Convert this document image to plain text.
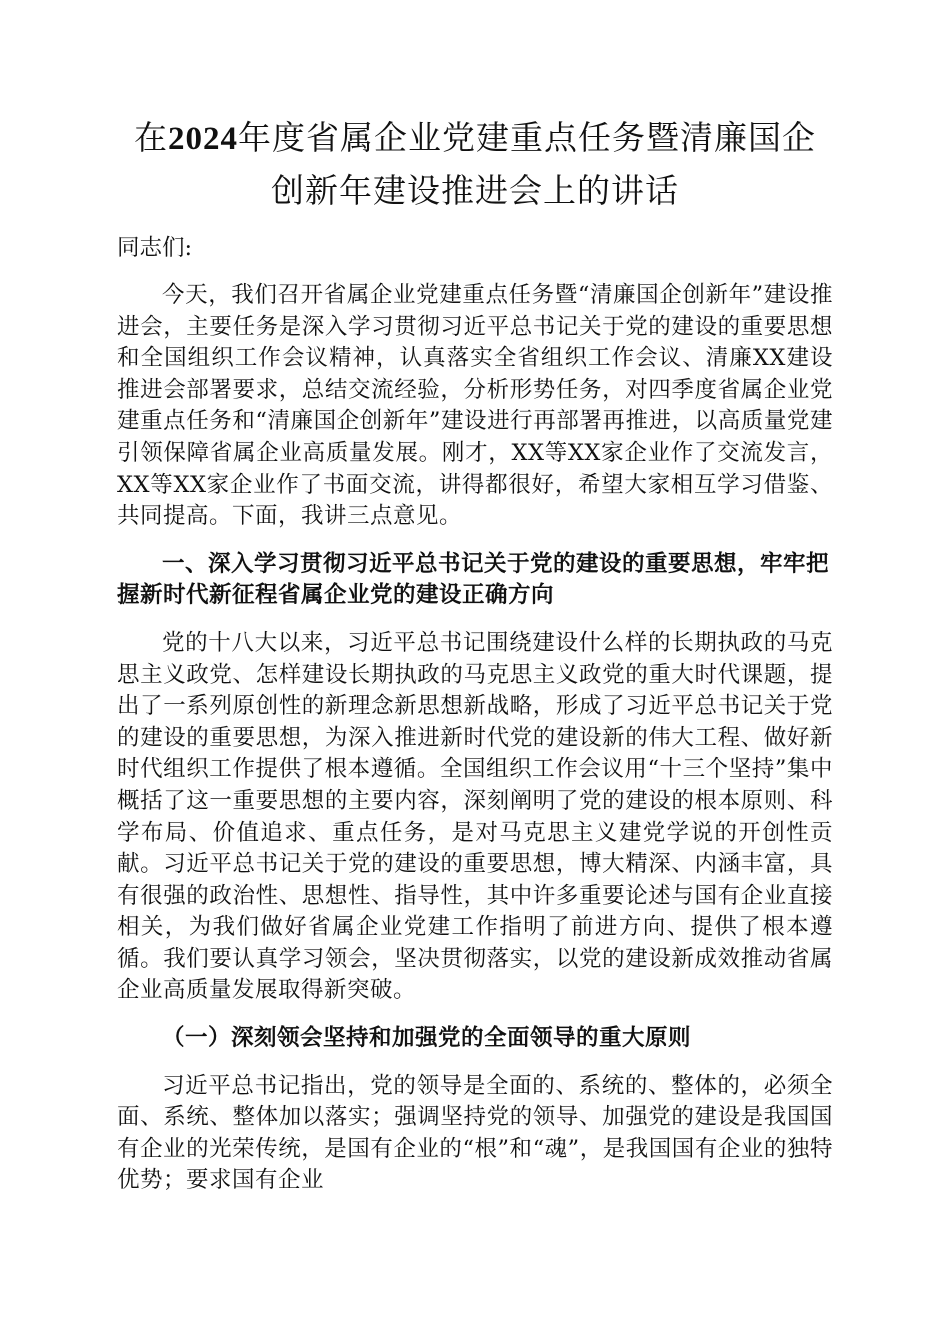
在2024年度省属企业党建重点任务暨清廉国企
创新年建设推进会上的讲话

同志们:

今天，我们召开省属企业党建重点任务暨“清廉国企创新年”建设推进会，主要任务是深入学习贯彻习近平总书记关于党的建设的重要思想和全国组织工作会议精神，认真落实全省组织工作会议、清廉XX建设推进会部署要求，总结交流经验，分析形势任务，对四季度省属企业党建重点任务和“清廉国企创新年”建设进行再部署再推进，以高质量党建引领保障省属企业高质量发展。刚才，XX等XX家企业作了交流发言，XX等XX家企业作了书面交流，讲得都很好，希望大家相互学习借鉴、共同提高。下面，我讲三点意见。

一、深入学习贯彻习近平总书记关于党的建设的重要思想，牢牢把握新时代新征程省属企业党的建设正确方向

党的十八大以来，习近平总书记围绕建设什么样的长期执政的马克思主义政党、怎样建设长期执政的马克思主义政党的重大时代课题，提出了一系列原创性的新理念新思想新战略，形成了习近平总书记关于党的建设的重要思想，为深入推进新时代党的建设新的伟大工程、做好新时代组织工作提供了根本遵循。全国组织工作会议用“十三个坚持”集中概括了这一重要思想的主要内容，深刻阐明了党的建设的根本原则、科学布局、价值追求、重点任务，是对马克思主义建党学说的开创性贡献。习近平总书记关于党的建设的重要思想，博大精深、内涵丰富，具有很强的政治性、思想性、指导性，其中许多重要论述与国有企业直接相关，为我们做好省属企业党建工作指明了前进方向、提供了根本遵循。我们要认真学习领会，坚决贯彻落实，以党的建设新成效推动省属企业高质量发展取得新突破。

（一）深刻领会坚持和加强党的全面领导的重大原则

习近平总书记指出，党的领导是全面的、系统的、整体的，必须全面、系统、整体加以落实；强调坚持党的领导、加强党的建设是我国国有企业的光荣传统，是国有企业的“根”和“魂”，是我国国有企业的独特优势；要求国有企业
